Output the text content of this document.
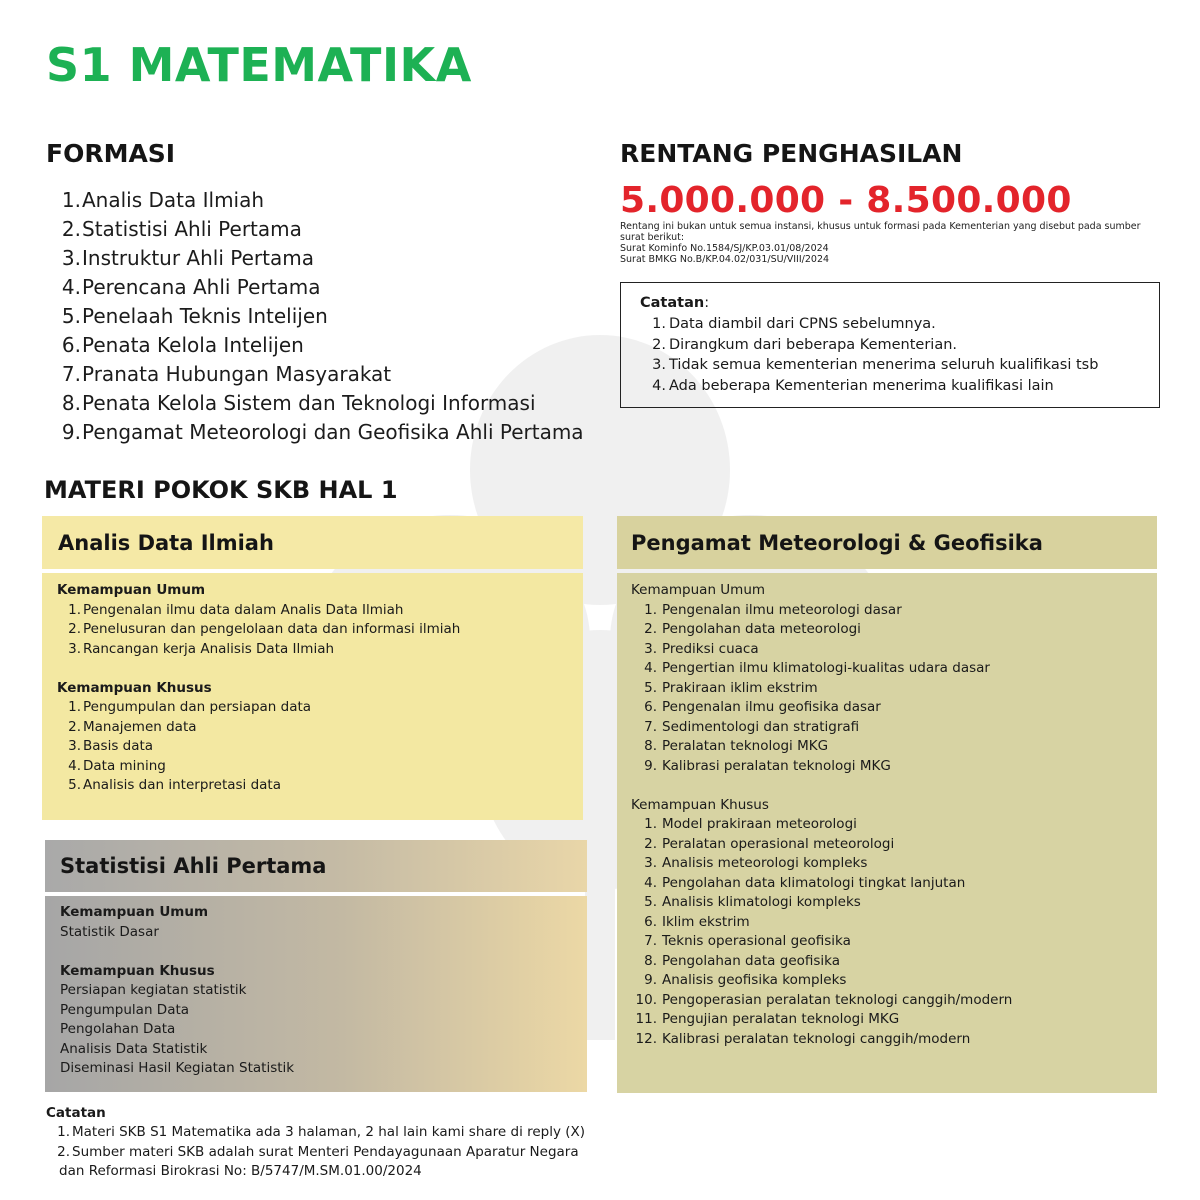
S1 MATEMATIKA
FORMASI
1.Analis Data Ilmiah
2.Statistisi Ahli Pertama
3.Instruktur Ahli Pertama
4.Perencana Ahli Pertama
5.Penelaah Teknis Intelijen
6.Penata Kelola Intelijen
7.Pranata Hubungan Masyarakat
8.Penata Kelola Sistem dan Teknologi Informasi
9.Pengamat Meteorologi dan Geofisika Ahli Pertama
RENTANG PENGHASILAN
5.000.000 - 8.500.000
Rentang ini bukan untuk semua instansi, khusus untuk formasi pada Kementerian yang disebut pada sumber surat berikut:
Surat Kominfo No.1584/SJ/KP.03.01/08/2024
Surat BMKG No.B/KP.04.02/031/SU/VIII/2024
Catatan:
1. Data diambil dari CPNS sebelumnya.
2. Dirangkum dari beberapa Kementerian.
3. Tidak semua kementerian menerima seluruh kualifikasi tsb
4. Ada beberapa Kementerian menerima kualifikasi lain
MATERI POKOK SKB HAL 1
Analis Data Ilmiah
Kemampuan Umum
1. Pengenalan ilmu data dalam Analis Data Ilmiah
2. Penelusuran dan pengelolaan data dan informasi ilmiah
3. Rancangan kerja Analisis Data Ilmiah
Kemampuan Khusus
1. Pengumpulan dan persiapan data
2. Manajemen data
3. Basis data
4. Data mining
5. Analisis dan interpretasi data
Statistisi Ahli Pertama
Kemampuan Umum
Statistik Dasar
Kemampuan Khusus
Persiapan kegiatan statistik
Pengumpulan Data
Pengolahan Data
Analisis Data Statistik
Diseminasi Hasil Kegiatan Statistik
Pengamat Meteorologi & Geofisika
Kemampuan Umum
1. Pengenalan ilmu meteorologi dasar
2. Pengolahan data meteorologi
3. Prediksi cuaca
4. Pengertian ilmu klimatologi-kualitas udara dasar
5. Prakiraan iklim ekstrim
6. Pengenalan ilmu geofisika dasar
7. Sedimentologi dan stratigrafi
8. Peralatan teknologi MKG
9. Kalibrasi peralatan teknologi MKG
Kemampuan Khusus
1. Model prakiraan meteorologi
2. Peralatan operasional meteorologi
3. Analisis meteorologi kompleks
4. Pengolahan data klimatologi tingkat lanjutan
5. Analisis klimatologi kompleks
6. Iklim ekstrim
7. Teknis operasional geofisika
8. Pengolahan data geofisika
9. Analisis geofisika kompleks
10. Pengoperasian peralatan teknologi canggih/modern
11. Pengujian peralatan teknologi MKG
12. Kalibrasi peralatan teknologi canggih/modern
Catatan
1. Materi SKB S1 Matematika ada 3 halaman, 2 hal lain kami share di reply (X)
2. Sumber materi SKB adalah surat Menteri Pendayagunaan Aparatur Negara
dan Reformasi Birokrasi No: B/5747/M.SM.01.00/2024
